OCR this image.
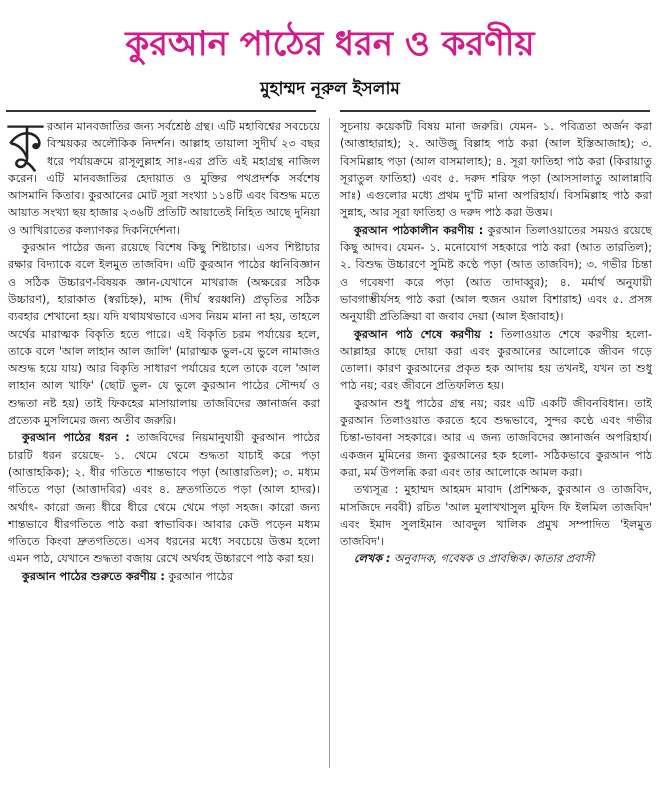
কুরআন পাঠের ধরন ও করণীয়
মুহাম্মদ নূরুল ইসলাম

কুরআন মানবজাতির জন্য সর্বশ্রেষ্ঠ গ্রন্থ। এটি মহাবিশ্বের সবচেয়ে বিস্ময়কর অলৌকিক নিদর্শন। আল্লাহ তায়ালা সুদীর্ঘ ২৩ বছর ধরে পর্যায়ক্রমে রাসূলুল্লাহ সাঃ-এর প্রতি এই মহাগ্রন্থ নাজিল করেন। এটি মানবজাতির হেদায়াত ও মুক্তির পথপ্রদর্শক সর্বশেষ আসমানি কিতাব। কুরআনের মোট সূরা সংখ্যা ১১৪টি এবং বিশুদ্ধ মতে আয়াত সংখ্যা ছয় হাজার ২৩৬টি প্রতিটি আয়াতেই নিহিত আছে দুনিয়া ও আখিরাতের কল্যাণকর দিকনির্দেশনা।

কুরআন পাঠের জন্য রয়েছে বিশেষ কিছু শিষ্টাচার। এসব শিষ্টাচার রক্ষার বিদ্যাকে বলে ইলমুত তাজবিদ। এটি কুরআন পাঠের ধ্বনিবিজ্ঞান ও সঠিক উচ্চারণ-বিষয়ক জ্ঞান-যেখানে মাখরাজ (অক্ষরের সঠিক উচ্চারণ), হারাকাত (স্বরচিহ্ন), মাদ্দ (দীর্ঘ স্বরধ্বনি) প্রভৃতির সঠিক ব্যবহার শেখানো হয়। যদি যথাযথভাবে এসব নিয়ম মানা না হয়, তাহলে অর্থের মারাত্মক বিকৃতি হতে পারে। এই বিকৃতি চরম পর্যায়ের হলে, তাকে বলে 'আল লাহান আল জালি' (মারাত্মক ভুল-যে ভুলে নামাজও অশুদ্ধ হয়ে যায়) আর বিকৃতি সাধারণ পর্যায়ের হলে তাকে বলে 'আল লাহান আল খাফি' (ছোট ভুল- যে ভুলে কুরআন পাঠের সৌন্দর্য ও শুদ্ধতা নষ্ট হয়) তাই ফিকহের মাসায়ালায় তাজবিদের জ্ঞানার্জন করা প্রত্যেক মুসলিমের জন্য অতীব জরুরি।

কুরআন পাঠের ধরন : তাজবিদের নিয়মানুযায়ী কুরআন পাঠের চারটি ধরন রয়েছে- ১. থেমে থেমে শুদ্ধতা যাচাই করে পড়া (আত্তাহকিক); ২. ধীর গতিতে শান্তভাবে পড়া (আত্তারতিল); ৩. মধ্যম গতিতে পড়া (আত্তাদবির) এবং ৪. দ্রুতগতিতে পড়া (আল হাদর)। অর্থাৎ- কারো জন্য ধীরে ধীরে থেমে থেমে পড়া সহজ। কারো জন্য শান্তভাবে ধীরগতিতে পাঠ করা স্বাভাবিক। আবার কেউ পড়েন মধ্যম গতিতে কিংবা দ্রুতগতিতে। এসব ধরনের মধ্যে সবচেয়ে উত্তম হলো এমন পাঠ, যেখানে শুদ্ধতা বজায় রেখে অর্থবহ উচ্চারণে পাঠ করা হয়।

কুরআন পাঠের শুরুতে করণীয় : কুরআন পাঠের

সূচনায় কয়েকটি বিষয় মানা জরুরি। যেমন- ১. পবিত্রতা অর্জন করা (আত্তাহারাহ); ২. আউজু বিল্লাহ পাঠ করা (আল ইস্তিআজাহ); ৩. বিসমিল্লাহ পড়া (আল বাসমালাহ); ৪. সূরা ফাতিহা পাঠ করা (কিরায়াতু সূরাতুল ফাতিহা) এবং ৫. দরুদ শরিফ পড়া (আসসালাতু আলান্নাবি সাঃ) এগুলোর মধ্যে প্রথম দু'টি মানা অপরিহার্য। বিসমিল্লাহ পাঠ করা সুন্নাহ, আর সূরা ফাতিহা ও দরুদ পাঠ করা উত্তম।

কুরআন পাঠকালীন করণীয় : কুরআন তিলাওয়াতের সময়ও রয়েছে কিছু আদব। যেমন- ১. মনোযোগ সহকারে পাঠ করা (আত তারতিল); ২. বিশুদ্ধ উচ্চারণে সুমিষ্ট কণ্ঠে পড়া (আত তাজবিদ); ৩. গভীর চিন্তা ও গবেষণা করে পড়া (আত তাদাব্বুর); ৪. মর্মার্থ অনুযায়ী ভাবগাম্ভীর্যসহ পাঠ করা (আল হুজন ওয়াল বিশারাহ) এবং ৫. প্রসঙ্গ অনুযায়ী প্রতিক্রিয়া বা জবাব দেয়া (আল ইজাবাহ)।

কুরআন পাঠ শেষে করণীয় : তিলাওয়াত শেষে করণীয় হলো- আল্লাহর কাছে দোয়া করা এবং কুরআনের আলোকে জীবন গড়ে তোলা। কারণ কুরআনের প্রকৃত হক আদায় হয় তখনই, যখন তা শুধু পাঠ নয়; বরং জীবনে প্রতিফলিত হয়।

কুরআন শুধু পাঠের গ্রন্থ নয়; বরং এটি একটি জীবনবিধান। তাই কুরআন তিলাওয়াত করতে হবে শুদ্ধভাবে, সুন্দর কণ্ঠে এবং গভীর চিন্তা-ভাবনা সহকারে। আর এ জন্য তাজবিদের জ্ঞানার্জন অপরিহার্য। একজন মুমিনের জন্য কুরআনের হক হলো- সঠিকভাবে কুরআন পাঠ করা, মর্ম উপলব্ধি করা এবং তার আলোকে আমল করা।

তথ্যসূত্র : মুহাম্মদ আহমদ মাবাদ (প্রশিক্ষক, কুরআন ও তাজবিদ, মাসজিদে নববী) রচিত 'আল মুলাখখাসুল মুফিদ ফি ইলমিল তাজবিদ' এবং ইমাদ সুলাইমান আবদুল খালিক প্রমুখ সম্পাদিত 'ইলমুত তাজবিদ'।

লেখক : অনুবাদক, গবেষক ও প্রাবন্ধিক। কাতার প্রবাসী
